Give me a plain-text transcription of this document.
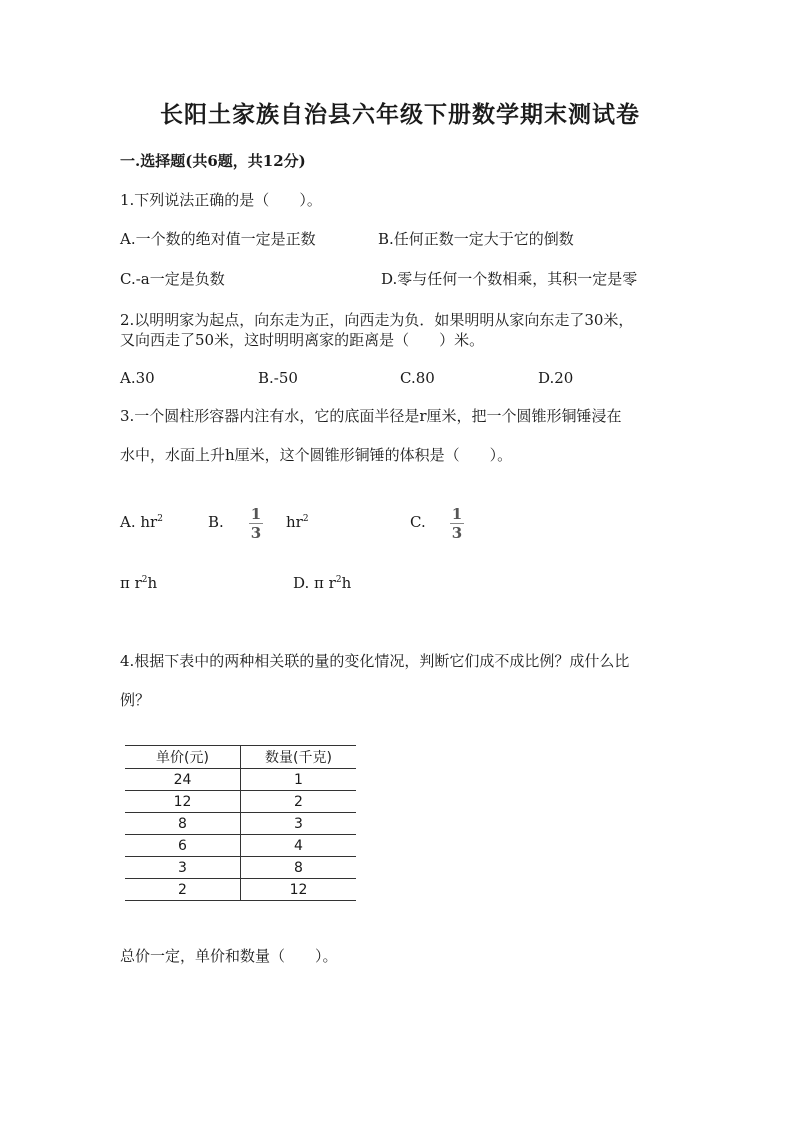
长阳土家族自治县六年级下册数学期末测试卷
一.选择题(共6题，共12分)
1.下列说法正确的是（　　）。
A.一个数的绝对值一定是正数	B.任何正数一定大于它的倒数
C.-a一定是负数	D.零与任何一个数相乘，其积一定是零
2.以明明家为起点，向东走为正，向西走为负．如果明明从家向东走了30米，
又向西走了50米，这时明明离家的距离是（　　）米。
A.30	B.-50	C.80	D.20
3.一个圆柱形容器内注有水，它的底面半径是r厘米，把一个圆锥形铜锤浸在
水中，水面上升h厘米，这个圆锥形铜锤的体积是（　　）。
A. $hr^2$	B. 1
3
$hr^2$	C. 1
3
π $r^2h$	D. π $r^2h$
4.根据下表中的两种相关联的量的变化情况，判断它们成不成比例？成什么比
例？
单价(元)	数量(千克)
24	1
12	2
8	3
6	4
3	8
2	12
总价一定，单价和数量（　　）。
